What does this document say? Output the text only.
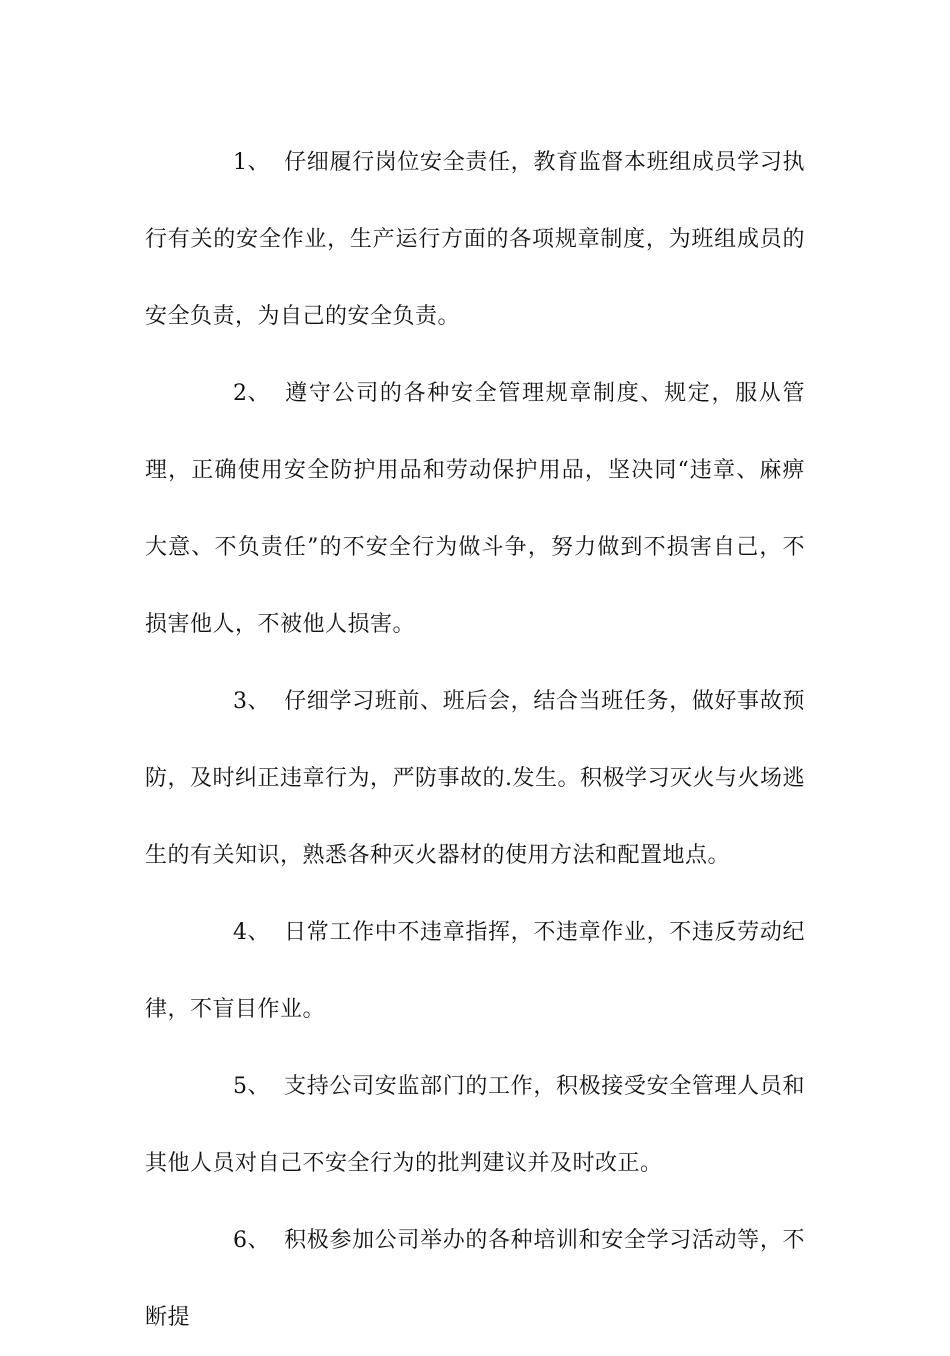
1、 仔细履行岗位安全责任，教育监督本班组成员学习执行有关的安全作业，生产运行方面的各项规章制度，为班组成员的安全负责，为自己的安全负责。

2、 遵守公司的各种安全管理规章制度、规定，服从管理，正确使用安全防护用品和劳动保护用品，坚决同“违章、麻痹大意、不负责任”的不安全行为做斗争，努力做到不损害自己，不损害他人，不被他人损害。

3、 仔细学习班前、班后会，结合当班任务，做好事故预防，及时纠正违章行为，严防事故的.发生。积极学习灭火与火场逃生的有关知识，熟悉各种灭火器材的使用方法和配置地点。

4、 日常工作中不违章指挥，不违章作业，不违反劳动纪律，不盲目作业。

5、 支持公司安监部门的工作，积极接受安全管理人员和其他人员对自己不安全行为的批判建议并及时改正。

6、 积极参加公司举办的各种培训和安全学习活动等，不断提
